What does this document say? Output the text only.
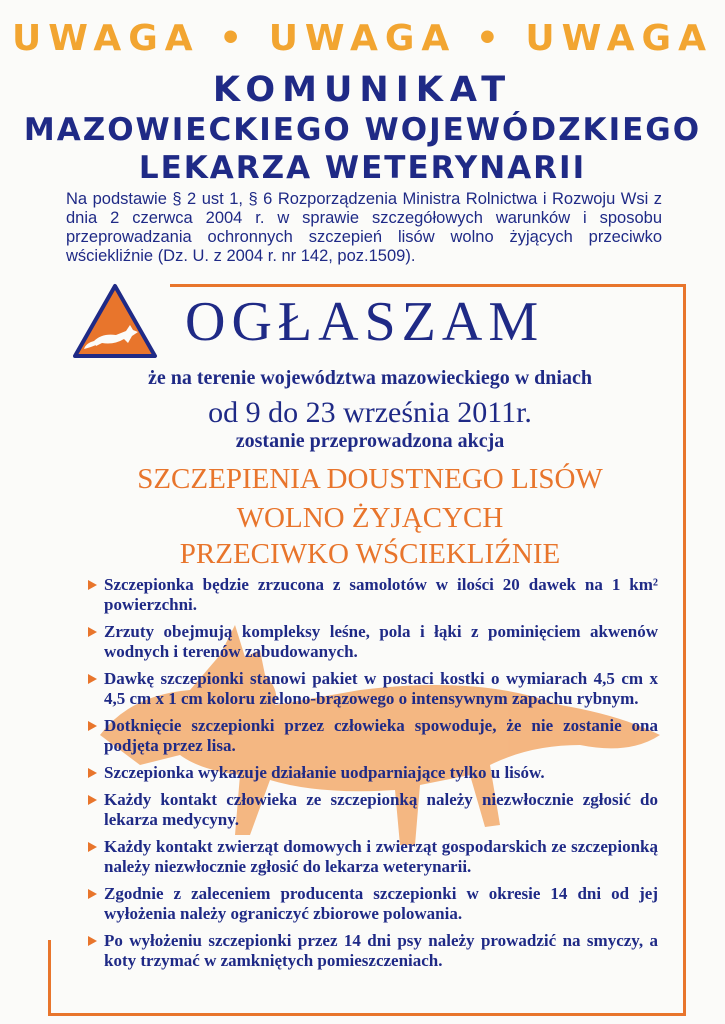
UWAGA • UWAGA • UWAGA
KOMUNIKAT
MAZOWIECKIEGO WOJEWÓDZKIEGO
LEKARZA WETERYNARII
Na podstawie § 2 ust 1, § 6 Rozporządzenia Ministra Rolnictwa i Rozwoju Wsi z dnia 2 czerwca 2004 r. w sprawie szczegółowych warunków i sposobu przeprowadzania ochronnych szczepień lisów wolno żyjących przeciwko wściekliźnie (Dz. U. z 2004 r. nr 142, poz.1509).
OGŁASZAM
że na terenie województwa mazowieckiego w dniach
od 9 do 23 września 2011r.
zostanie przeprowadzona akcja
SZCZEPIENIA DOUSTNEGO LISÓW
WOLNO ŻYJĄCYCH
PRZECIWKO WŚCIEKLIŹNIE
Szczepionka będzie zrzucona z samolotów w ilości 20 dawek na 1 km² powierzchni.
Zrzuty obejmują kompleksy leśne, pola i łąki z pominięciem akwenów wodnych i terenów zabudowanych.
Dawkę szczepionki stanowi pakiet w postaci kostki o wymiarach 4,5 cm x 4,5 cm x 1 cm koloru zielono-brązowego o intensywnym zapachu rybnym.
Dotknięcie szczepionki przez człowieka spowoduje, że nie zostanie ona podjęta przez lisa.
Szczepionka wykazuje działanie uodparniające tylko u lisów.
Każdy kontakt człowieka ze szczepionką należy niezwłocznie zgłosić do lekarza medycyny.
Każdy kontakt zwierząt domowych i zwierząt gospodarskich ze szczepionką należy niezwłocznie zgłosić do lekarza weterynarii.
Zgodnie z zaleceniem producenta szczepionki w okresie 14 dni od jej wyłożenia należy ograniczyć zbiorowe polowania.
Po wyłożeniu szczepionki przez 14 dni psy należy prowadzić na smyczy, a koty trzymać w zamkniętych pomieszczeniach.
